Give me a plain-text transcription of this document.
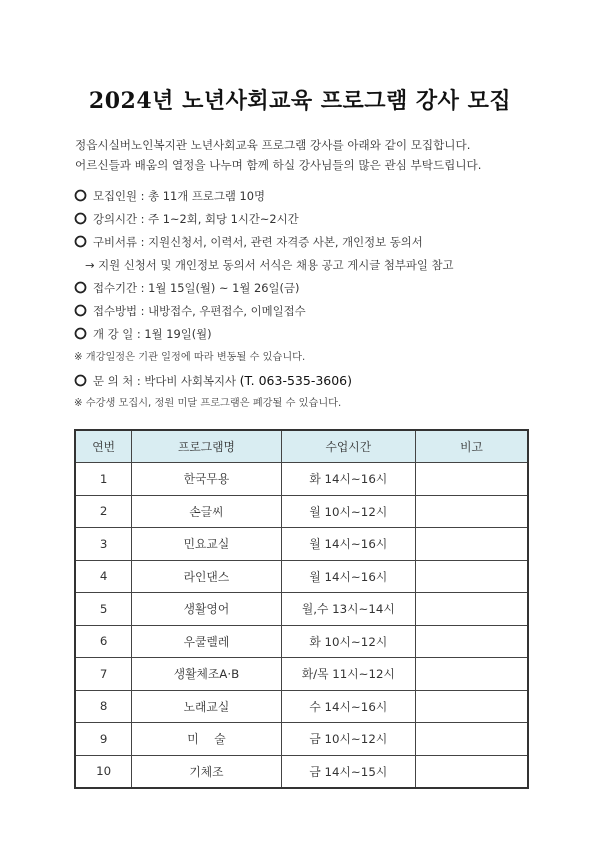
2024년 노년사회교육 프로그램 강사 모집
정읍시실버노인복지관 노년사회교육 프로그램 강사를 아래와 같이 모집합니다.
어르신들과 배움의 열정을 나누며 함께 하실 강사님들의 많은 관심 부탁드립니다.
모집인원 : 총 11개 프로그램 10명
강의시간 : 주 1~2회, 회당 1시간~2시간
구비서류 : 지원신청서, 이력서, 관련 자격증 사본, 개인정보 동의서
→ 지원 신청서 및 개인정보 동의서 서식은 채용 공고 게시글 첨부파일 참고
접수기간 : 1월 15일(월) ~ 1월 26일(금)
접수방법 : 내방접수, 우편접수, 이메일접수
개 강 일 : 1월 19일(월)
※ 개강일정은 기관 일정에 따라 변동될 수 있습니다.
문 의 처 : 박다비 사회복지사 (T. 063-535-3606)
※ 수강생 모집시, 정원 미달 프로그램은 폐강될 수 있습니다.
연번	프로그램명	수업시간	비고
1	한국무용	화 14시~16시	
2	손글씨	월 10시~12시	
3	민요교실	월 14시~16시	
4	라인댄스	월 14시~16시	
5	생활영어	월,수 13시~14시	
6	우쿨렐레	화 10시~12시	
7	생활체조A·B	화/목 11시~12시	
8	노래교실	수 14시~16시	
9	미　 술	금 10시~12시	
10	기체조	금 14시~15시	
